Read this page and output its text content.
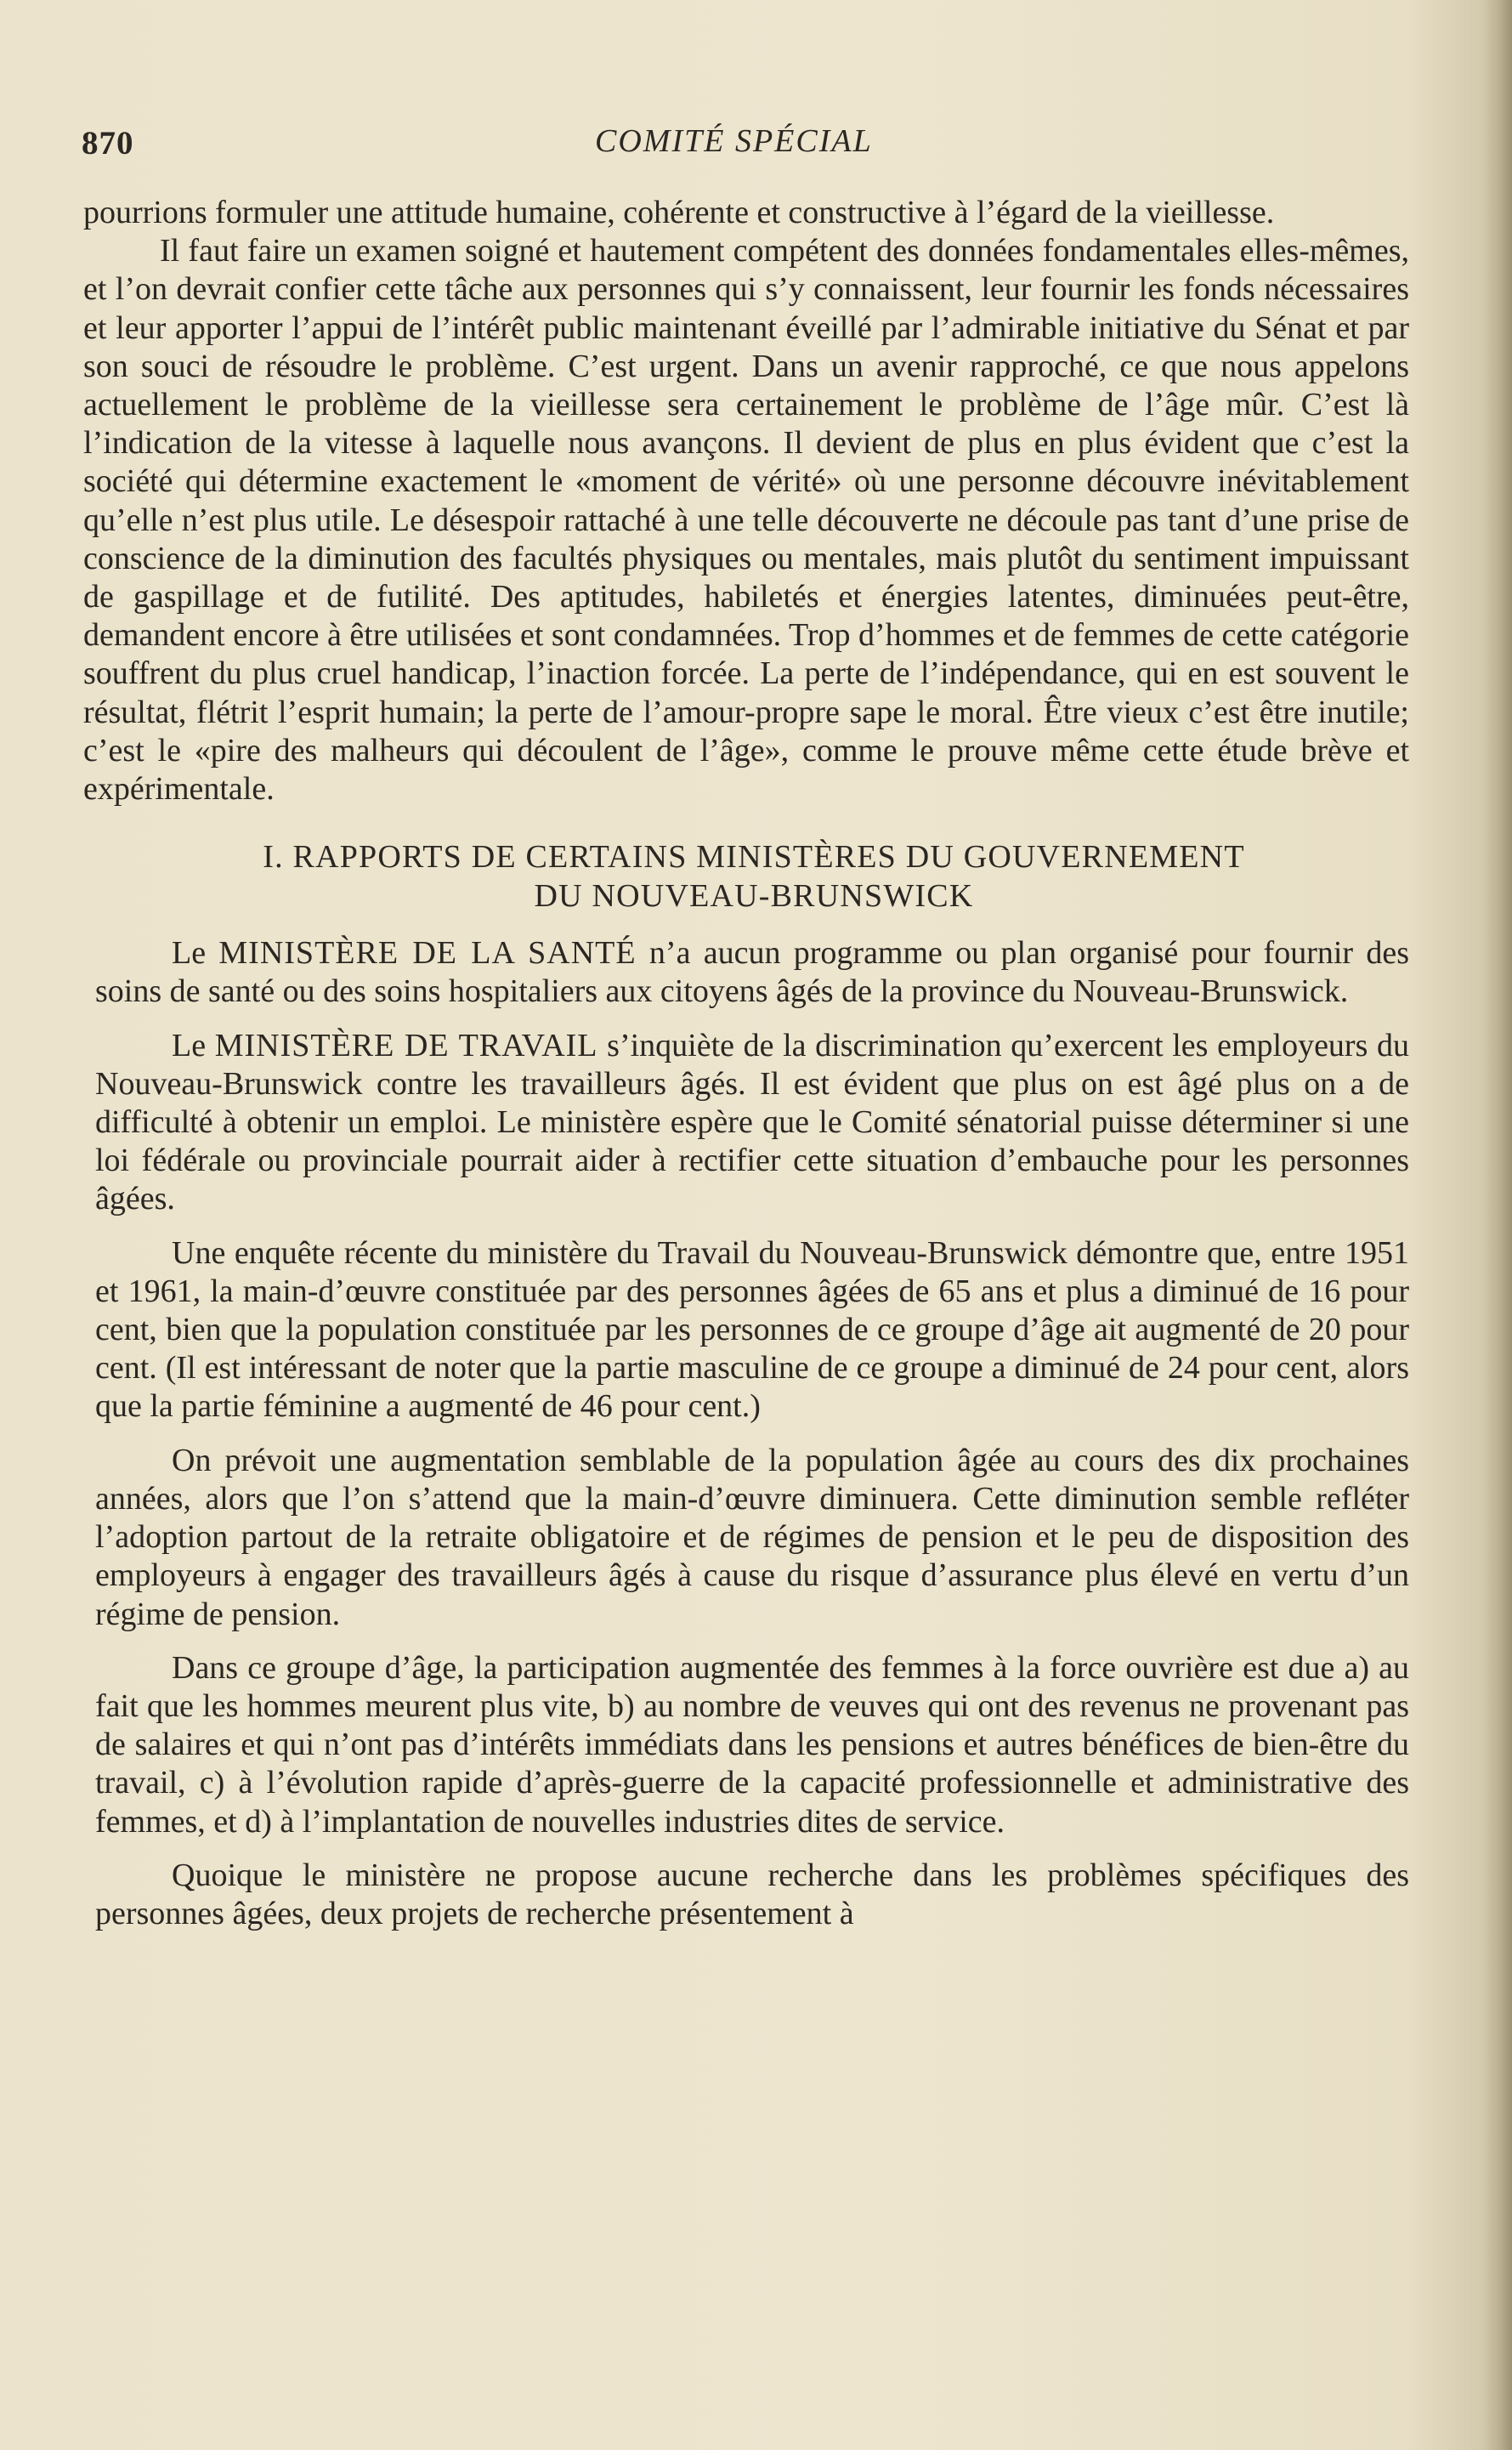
870	COMITÉ SPÉCIAL

pourrions formuler une attitude humaine, cohérente et constructive à l’égard de la vieillesse.

Il faut faire un examen soigné et hautement compétent des données fondamentales elles-mêmes, et l’on devrait confier cette tâche aux personnes qui s’y connaissent, leur fournir les fonds nécessaires et leur apporter l’appui de l’intérêt public maintenant éveillé par l’admirable initiative du Sénat et par son souci de résoudre le problème. C’est urgent. Dans un avenir rapproché, ce que nous appelons actuellement le problème de la vieillesse sera certainement le problème de l’âge mûr. C’est là l’indication de la vitesse à laquelle nous avançons. Il devient de plus en plus évident que c’est la société qui détermine exactement le «moment de vérité» où une personne découvre inévitablement qu’elle n’est plus utile. Le désespoir rattaché à une telle découverte ne découle pas tant d’une prise de conscience de la diminution des facultés physiques ou mentales, mais plutôt du sentiment impuissant de gaspillage et de futilité. Des aptitudes, habiletés et énergies latentes, diminuées peut-être, demandent encore à être utilisées et sont condamnées. Trop d’hommes et de femmes de cette catégorie souffrent du plus cruel handicap, l’inaction forcée. La perte de l’indépendance, qui en est souvent le résultat, flétrit l’esprit humain; la perte de l’amour-propre sape le moral. Être vieux c’est être inutile; c’est le «pire des malheurs qui découlent de l’âge», comme le prouve même cette étude brève et expérimentale.

I. RAPPORTS DE CERTAINS MINISTÈRES DU GOUVERNEMENT
DU NOUVEAU-BRUNSWICK

Le MINISTÈRE DE LA SANTÉ n’a aucun programme ou plan organisé pour fournir des soins de santé ou des soins hospitaliers aux citoyens âgés de la province du Nouveau-Brunswick.

Le MINISTÈRE DE TRAVAIL s’inquiète de la discrimination qu’exercent les employeurs du Nouveau-Brunswick contre les travailleurs âgés. Il est évident que plus on est âgé plus on a de difficulté à obtenir un emploi. Le ministère espère que le Comité sénatorial puisse déterminer si une loi fédérale ou provinciale pourrait aider à rectifier cette situation d’embauche pour les personnes âgées.

Une enquête récente du ministère du Travail du Nouveau-Brunswick démontre que, entre 1951 et 1961, la main-d’œuvre constituée par des personnes âgées de 65 ans et plus a diminué de 16 pour cent, bien que la population constituée par les personnes de ce groupe d’âge ait augmenté de 20 pour cent. (Il est intéressant de noter que la partie masculine de ce groupe a diminué de 24 pour cent, alors que la partie féminine a augmenté de 46 pour cent.)

On prévoit une augmentation semblable de la population âgée au cours des dix prochaines années, alors que l’on s’attend que la main-d’œuvre diminuera. Cette diminution semble refléter l’adoption partout de la retraite obligatoire et de régimes de pension et le peu de disposition des employeurs à engager des travailleurs âgés à cause du risque d’assurance plus élevé en vertu d’un régime de pension.

Dans ce groupe d’âge, la participation augmentée des femmes à la force ouvrière est due a) au fait que les hommes meurent plus vite, b) au nombre de veuves qui ont des revenus ne provenant pas de salaires et qui n’ont pas d’intérêts immédiats dans les pensions et autres bénéfices de bien-être du travail, c) à l’évolution rapide d’après-guerre de la capacité professionnelle et administrative des femmes, et d) à l’implantation de nouvelles industries dites de service.

Quoique le ministère ne propose aucune recherche dans les problèmes spécifiques des personnes âgées, deux projets de recherche présentement à
